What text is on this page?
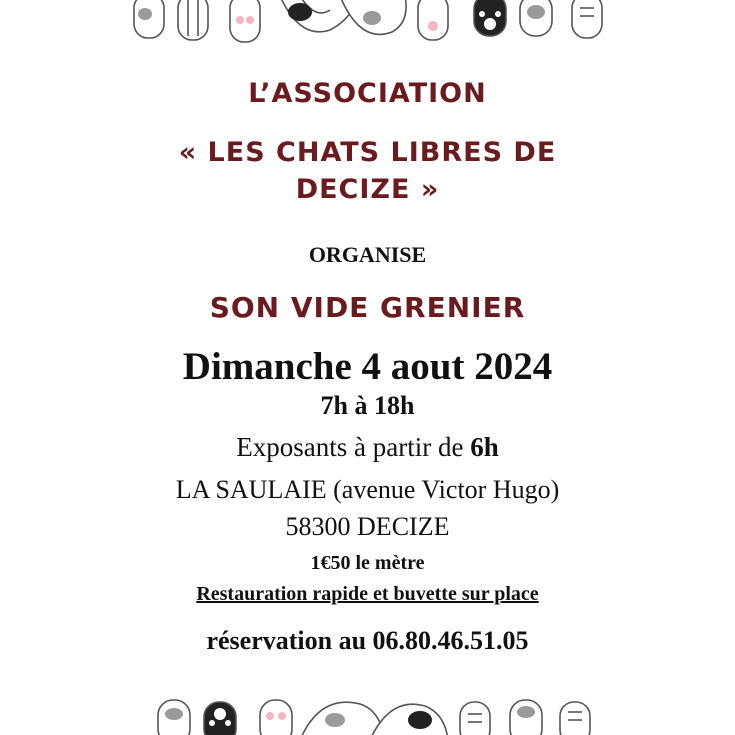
L’ASSOCIATION

« LES CHATS LIBRES DE

DECIZE »

ORGANISE

SON VIDE GRENIER

Dimanche 4 aout 2024

7h à 18h

Exposants à partir de 6h

LA SAULAIE (avenue Victor Hugo)

58300 DECIZE

1€50 le mètre

Restauration rapide et buvette sur place

réservation au 06.80.46.51.05
